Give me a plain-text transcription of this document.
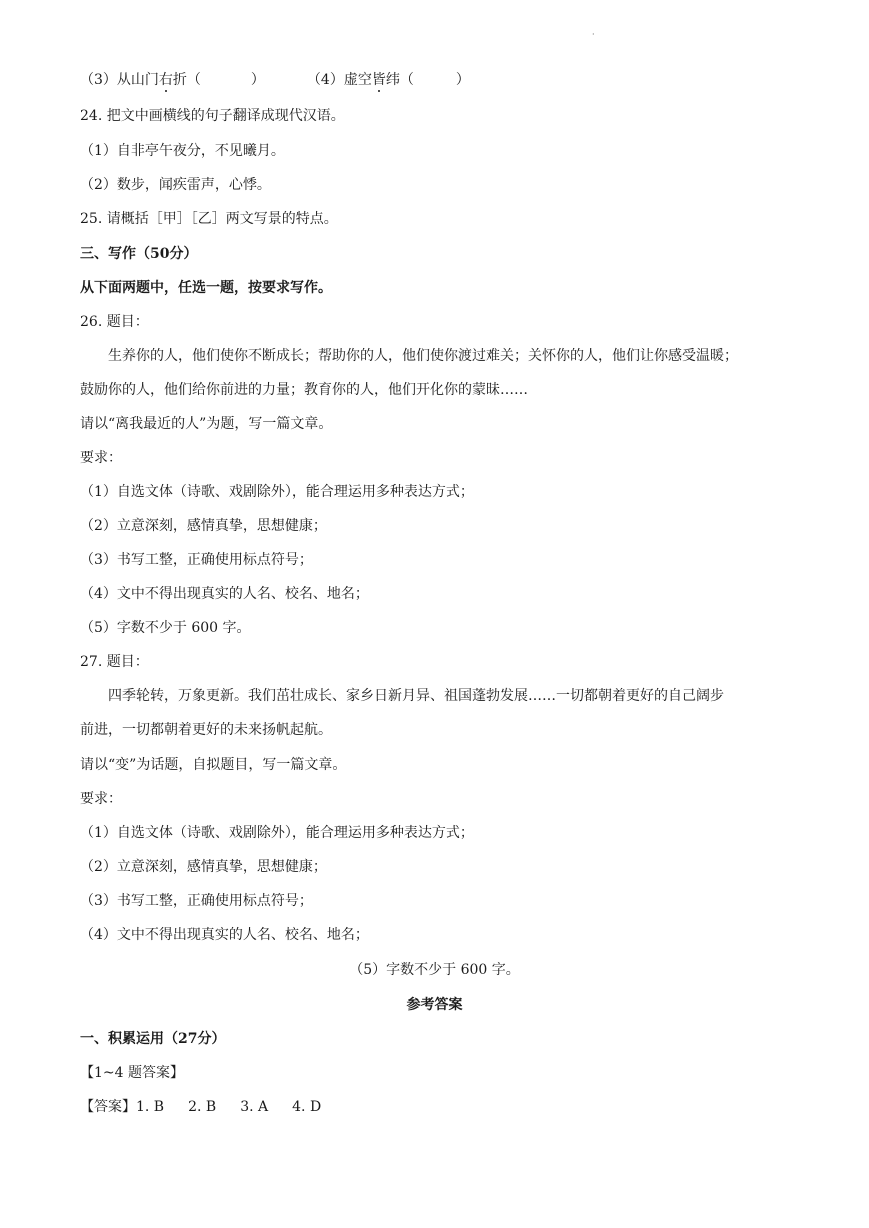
·
（3）从山门右折（	）	（4）虚空皆纬（	）
24. 把文中画横线的句子翻译成现代汉语。
（1）自非亭午夜分，不见曦月。
（2）数步，闻疾雷声，心悸。
25. 请概括［甲］［乙］两文写景的特点。
三、写作（50分）
从下面两题中，任选一题，按要求写作。
26. 题目：
生养你的人，他们使你不断成长；帮助你的人，他们使你渡过难关；关怀你的人，他们让你感受温暖；
鼓励你的人，他们给你前进的力量；教育你的人，他们开化你的蒙昧……
请以“离我最近的人”为题，写一篇文章。
要求：
（1）自选文体（诗歌、戏剧除外），能合理运用多种表达方式；
（2）立意深刻，感情真挚，思想健康；
（3）书写工整，正确使用标点符号；
（4）文中不得出现真实的人名、校名、地名；
（5）字数不少于 600 字。
27. 题目：
四季轮转，万象更新。我们茁壮成长、家乡日新月异、祖国蓬勃发展……一切都朝着更好的自己阔步
前进，一切都朝着更好的未来扬帆起航。
请以“变”为话题，自拟题目，写一篇文章。
要求：
（1）自选文体（诗歌、戏剧除外），能合理运用多种表达方式；
（2）立意深刻，感情真挚，思想健康；
（3）书写工整，正确使用标点符号；
（4）文中不得出现真实的人名、校名、地名；
（5）字数不少于 600 字。
参考答案
一、积累运用（27分）
【1~4 题答案】
【答案】1. B 2. B 3. A 4. D
